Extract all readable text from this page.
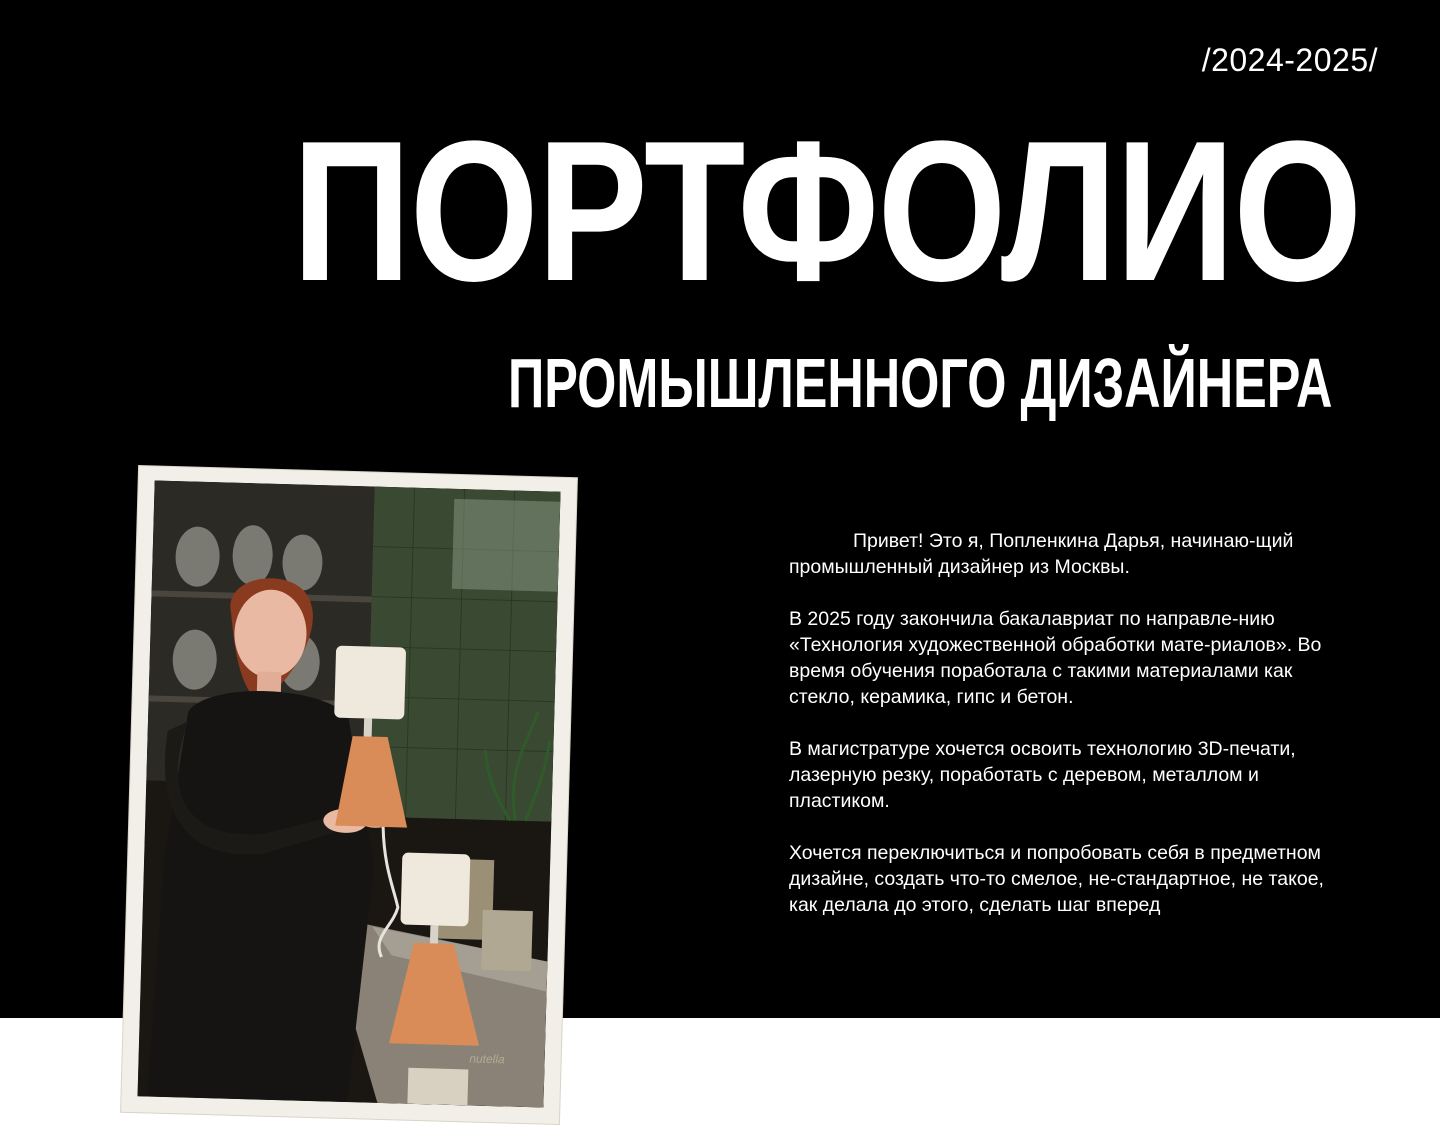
/2024-2025/
ПОРТФОЛИО
ПРОМЫШЛЕННОГО ДИЗАЙНЕРА
nutella

Привет! Это я, Попленкина Дарья, начинаю-щий промышленный дизайнер из Москвы.

В 2025 году закончила бакалавриат по направле-нию «Технология художественной обработки мате-риалов». Во время обучения поработала с такими материалами как стекло, керамика, гипс и бетон.

В магистратуре хочется освоить технологию 3D-печати, лазерную резку, поработать с деревом, металлом и пластиком.

Хочется переключиться и попробовать себя в предметном дизайне, создать что-то смелое, не-стандартное, не такое, как делала до этого, сделать шаг вперед
